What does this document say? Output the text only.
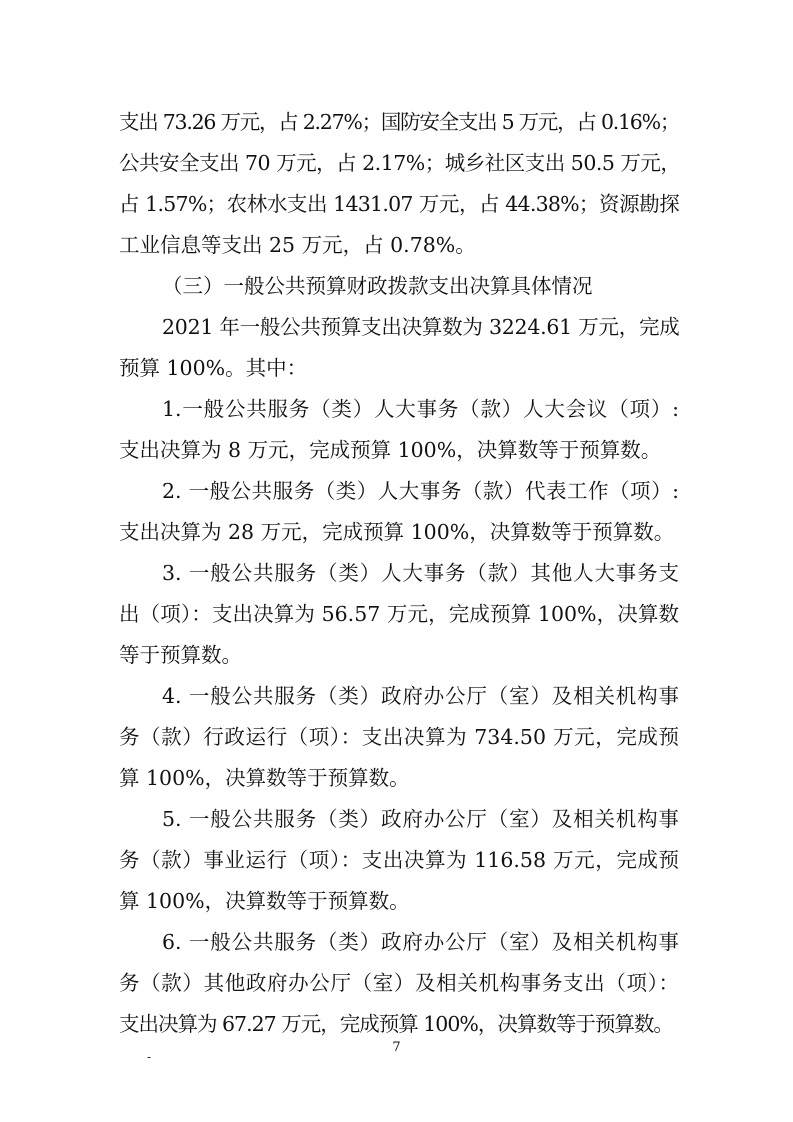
支出 73.26 万元，占 2.27%；国防安全支出 5 万元，占 0.16%；
公共安全支出 70 万元，占 2.17%；城乡社区支出 50.5 万元，
占 1.57%；农林水支出 1431.07 万元，占 44.38%；资源勘探
工业信息等支出 25 万元，占 0.78%。
（三）一般公共预算财政拨款支出决算具体情况
2021 年一般公共预算支出决算数为 3224.61 万元，完成
预算 100%。其中：
1.一般公共服务（类）人大事务（款）人大会议（项）:
支出决算为 8 万元，完成预算 100%，决算数等于预算数。
2. 一般公共服务（类）人大事务（款）代表工作（项）:
支出决算为 28 万元，完成预算 100%，决算数等于预算数。
3. 一般公共服务（类）人大事务（款）其他人大事务支
出（项）：支出决算为 56.57 万元，完成预算 100%，决算数
等于预算数。
4. 一般公共服务（类）政府办公厅（室）及相关机构事
务（款）行政运行（项）：支出决算为 734.50 万元，完成预
算 100%，决算数等于预算数。
5. 一般公共服务（类）政府办公厅（室）及相关机构事
务（款）事业运行（项）：支出决算为 116.58 万元，完成预
算 100%，决算数等于预算数。
6. 一般公共服务（类）政府办公厅（室）及相关机构事
务（款）其他政府办公厅（室）及相关机构事务支出（项）：
支出决算为 67.27 万元，完成预算 100%，决算数等于预算数。
-
7
